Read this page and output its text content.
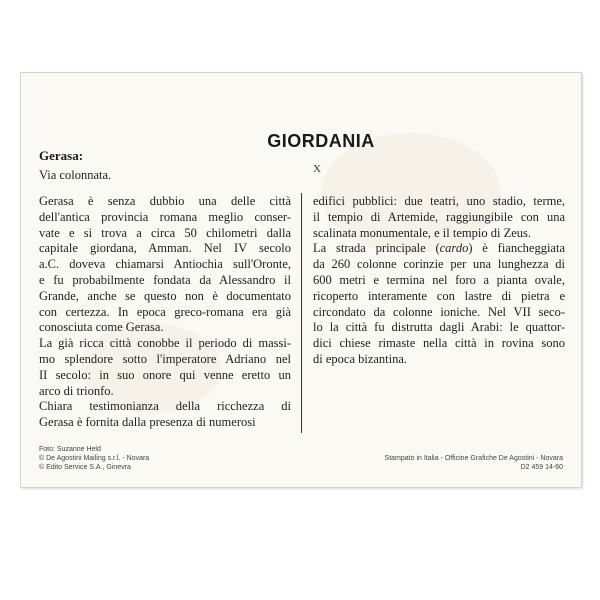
GIORDANIA
X
Gerasa:
Via colonnata.
Gerasa è senza dubbio una delle città
dell'antica provincia romana meglio conser-
vate e si trova a circa 50 chilometri dalla
capitale giordana, Amman. Nel IV secolo
a.C. doveva chiamarsi Antiochia sull'Oronte,
e fu probabilmente fondata da Alessandro il
Grande, anche se questo non è documentato
con certezza. In epoca greco-romana era già
conosciuta come Gerasa.
La già ricca città conobbe il periodo di massi-
mo splendore sotto l'imperatore Adriano nel
II secolo: in suo onore qui venne eretto un
arco di trionfo.
Chiara testimonianza della ricchezza di
Gerasa è fornita dalla presenza di numerosi
edifici pubblici: due teatri, uno stadio, terme,
il tempio di Artemide, raggiungibile con una
scalinata monumentale, e il tempio di Zeus.
La strada principale (cardo) è fiancheggiata
da 260 colonne corinzie per una lunghezza di
600 metri e termina nel foro a pianta ovale,
ricoperto interamente con lastre di pietra e
circondato da colonne ioniche. Nel VII seco-
lo la città fu distrutta dagli Arabi: le quattor-
dici chiese rimaste nella città in rovina sono
di epoca bizantina.
Foto: Suzanne Held
© De Agostini Mailing s.r.l. - Novara
© Edito Service S.A., Ginevra
Stampato in Italia - Officine Grafiche De Agostini - Novara
D2 459 14-60
